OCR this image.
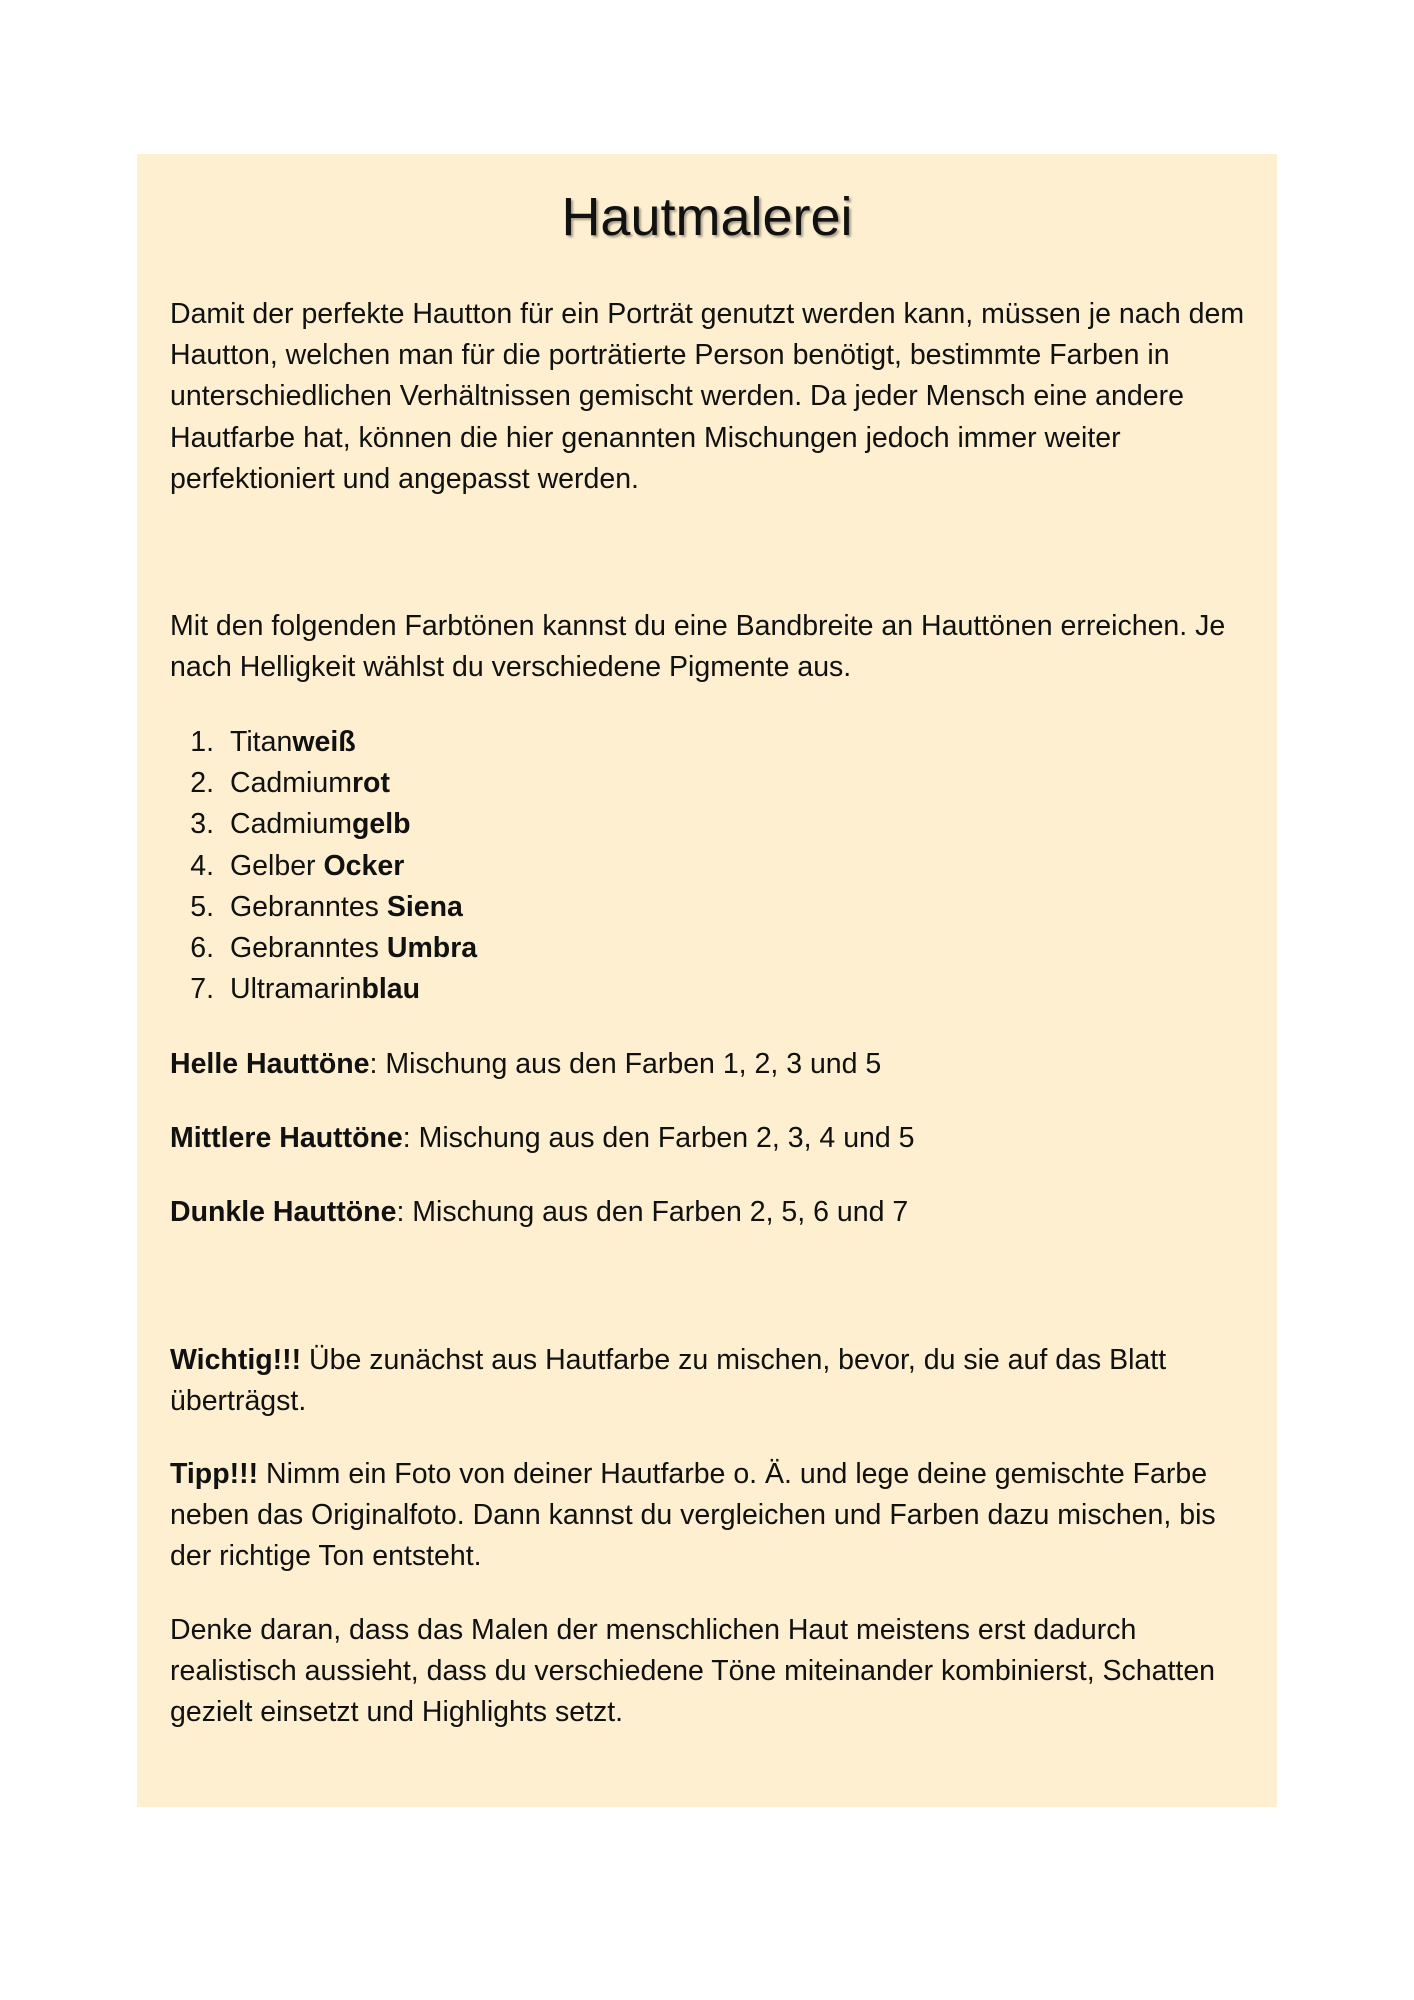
Hautmalerei

Damit der perfekte Hautton für ein Porträt genutzt werden kann, müssen je nach dem Hautton, welchen man für die porträtierte Person benötigt, bestimmte Farben in unterschiedlichen Verhältnissen gemischt werden. Da jeder Mensch eine andere Hautfarbe hat, können die hier genannten Mischungen jedoch immer weiter perfektioniert und angepasst werden.

Mit den folgenden Farbtönen kannst du eine Bandbreite an Hauttönen erreichen. Je nach Helligkeit wählst du verschiedene Pigmente aus.

1. Titanweiß
2. Cadmiumrot
3. Cadmiumgelb
4. Gelber Ocker
5. Gebranntes Siena
6. Gebranntes Umbra
7. Ultramarinblau

Helle Hauttöne: Mischung aus den Farben 1, 2, 3 und 5

Mittlere Hauttöne: Mischung aus den Farben 2, 3, 4 und 5

Dunkle Hauttöne: Mischung aus den Farben 2, 5, 6 und 7

Wichtig!!! Übe zunächst aus Hautfarbe zu mischen, bevor, du sie auf das Blatt überträgst.

Tipp!!! Nimm ein Foto von deiner Hautfarbe o. Ä. und lege deine gemischte Farbe neben das Originalfoto. Dann kannst du vergleichen und Farben dazu mischen, bis der richtige Ton entsteht.

Denke daran, dass das Malen der menschlichen Haut meistens erst dadurch realistisch aussieht, dass du verschiedene Töne miteinander kombinierst, Schatten gezielt einsetzt und Highlights setzt.
